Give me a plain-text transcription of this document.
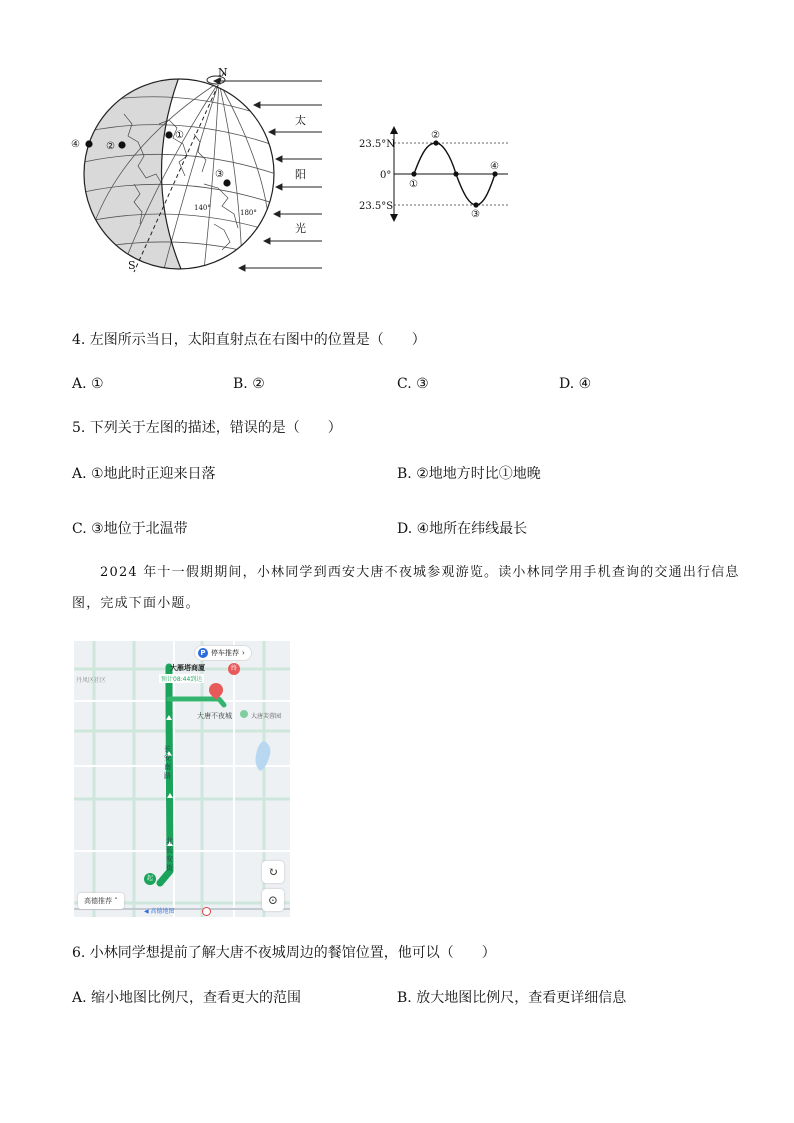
①
②
③
④
N
S
140°
180°
太
阳
光
23.5°N
0°
23.5°S
①
②
③
④
4. 左图所示当日，太阳直射点在右图中的位置是（　　）
A. ①	B. ②	C. ③	D. ④
5. 下列关于左图的描述，错误的是（　　）
A. ①地此时正迎来日落	B. ②地地方时比①地晚
C. ③地位于北温带	D. ④地所在纬线最长
2024 年十一假期期间，小林同学到西安大唐不夜城参观游览。读小林同学用手机查询的交通出行信息
图，完成下面小题。
P 停车推荐 ›
大雁塔商厦	终
预计08:44到达
大唐不夜城	大唐芙蓉园
长安南路
北长安街
丹凤区社区
起	↻
⊙
高德推荐 ˄
◀ 高德地图
6. 小林同学想提前了解大唐不夜城周边的餐馆位置，他可以（　　）
A. 缩小地图比例尺，查看更大的范围	B. 放大地图比例尺，查看更详细信息
